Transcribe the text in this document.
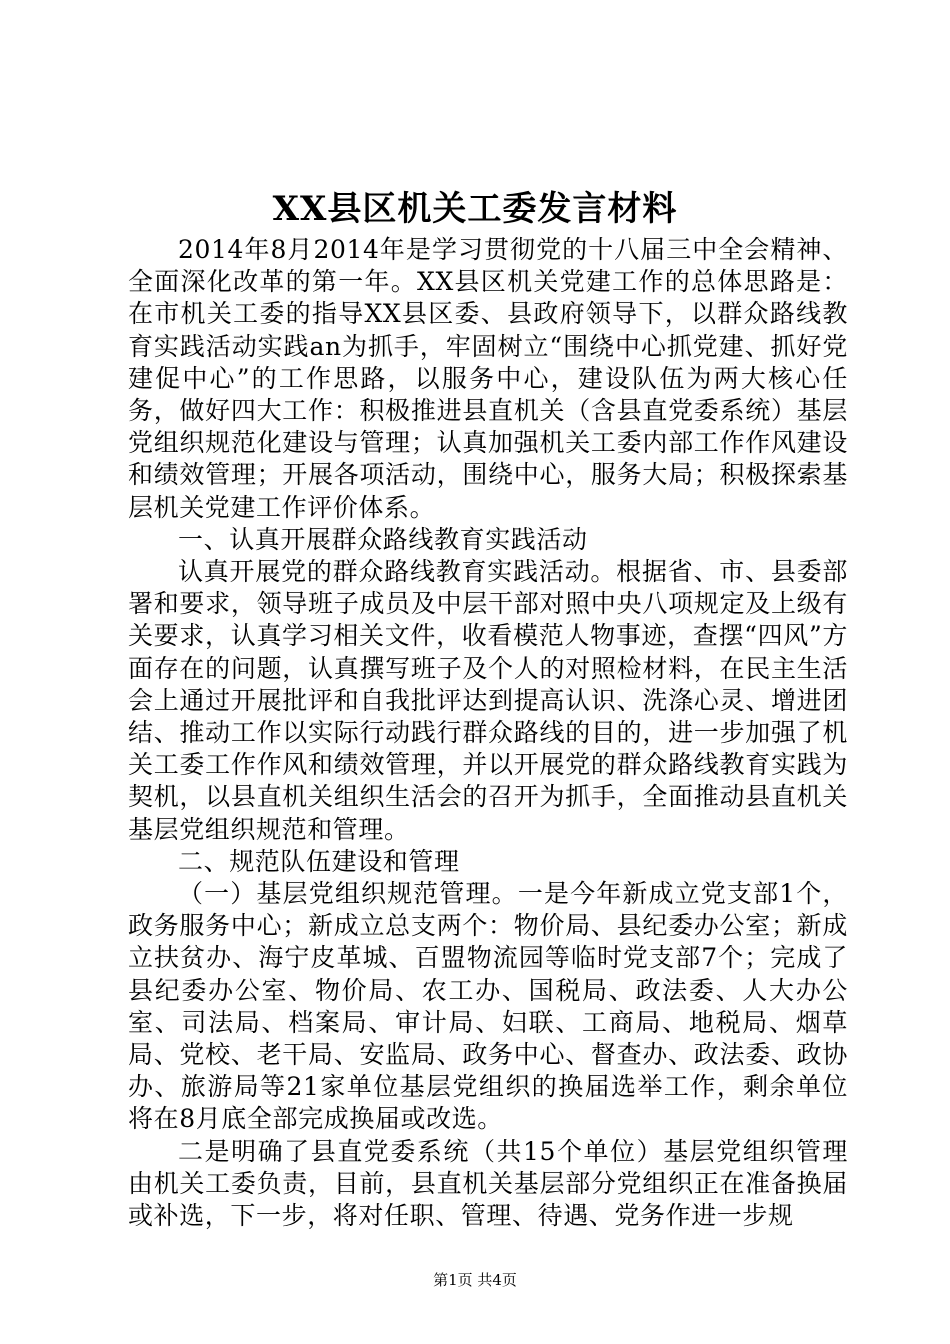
XX县区机关工委发言材料

2014年8月2014年是学习贯彻党的十八届三中全会精神、全面深化改革的第一年。XX县区机关党建工作的总体思路是：在市机关工委的指导XX县区委、县政府领导下，以群众路线教育实践活动实践an为抓手，牢固树立“围绕中心抓党建、抓好党建促中心”的工作思路，以服务中心，建设队伍为两大核心任务，做好四大工作：积极推进县直机关（含县直党委系统）基层党组织规范化建设与管理；认真加强机关工委内部工作作风建设和绩效管理；开展各项活动，围绕中心，服务大局；积极探索基层机关党建工作评价体系。

一、认真开展群众路线教育实践活动

认真开展党的群众路线教育实践活动。根据省、市、县委部署和要求，领导班子成员及中层干部对照中央八项规定及上级有关要求，认真学习相关文件，收看模范人物事迹，查摆“四风”方面存在的问题，认真撰写班子及个人的对照检材料，在民主生活会上通过开展批评和自我批评达到提高认识、洗涤心灵、增进团结、推动工作以实际行动践行群众路线的目的，进一步加强了机关工委工作作风和绩效管理，并以开展党的群众路线教育实践为契机，以县直机关组织生活会的召开为抓手，全面推动县直机关基层党组织规范和管理。

二、规范队伍建设和管理

（一）基层党组织规范管理。一是今年新成立党支部1个，政务服务中心；新成立总支两个：物价局、县纪委办公室；新成立扶贫办、海宁皮革城、百盟物流园等临时党支部7个；完成了县纪委办公室、物价局、农工办、国税局、政法委、人大办公室、司法局、档案局、审计局、妇联、工商局、地税局、烟草局、党校、老干局、安监局、政务中心、督查办、政法委、政协办、旅游局等21家单位基层党组织的换届选举工作，剩余单位将在8月底全部完成换届或改选。

二是明确了县直党委系统（共15个单位）基层党组织管理由机关工委负责，目前，县直机关基层部分党组织正在准备换届或补选，下一步，将对任职、管理、待遇、党务作进一步规

第1页 共4页
